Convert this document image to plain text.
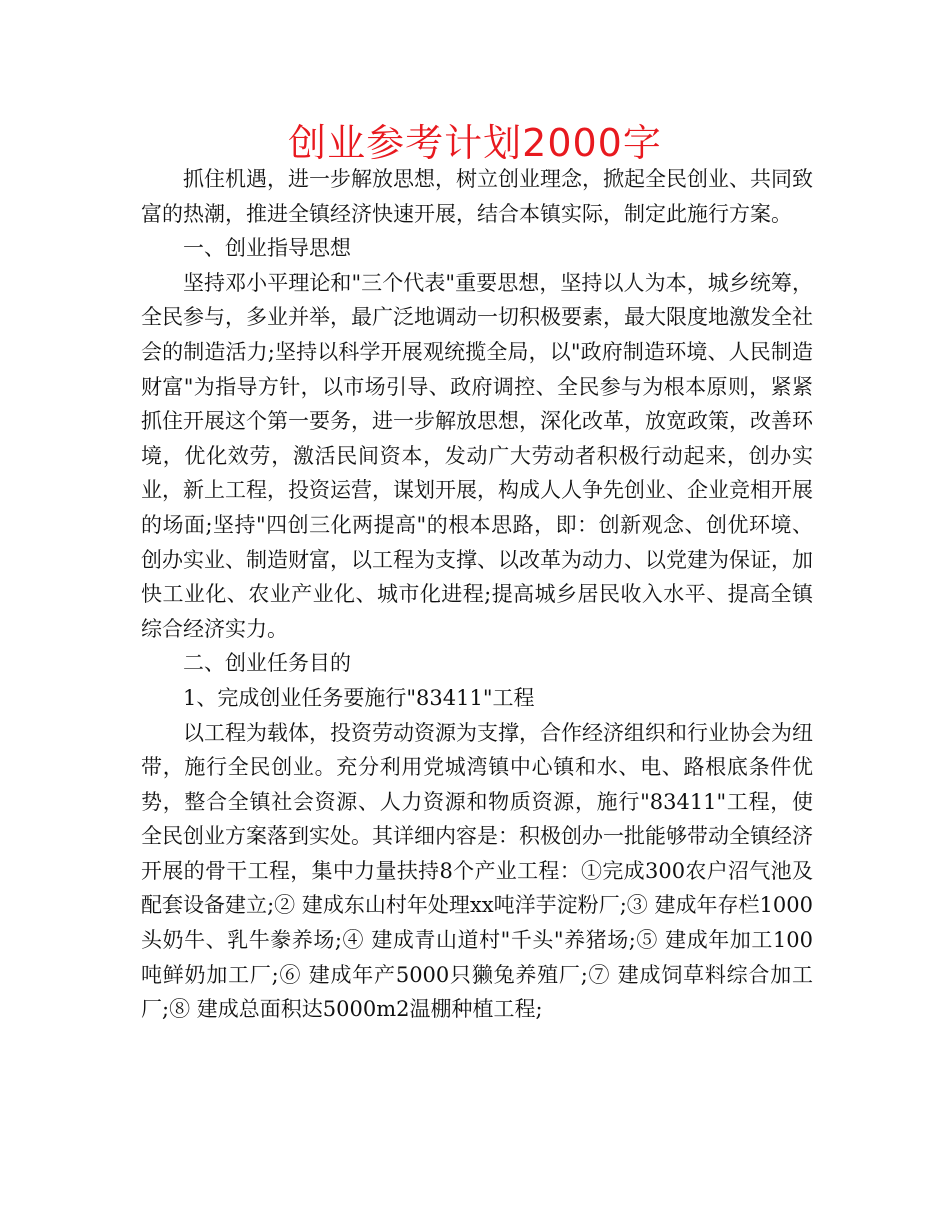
创业参考计划2000字

抓住机遇，进一步解放思想，树立创业理念，掀起全民创业、共同致富的热潮，推进全镇经济快速开展，结合本镇实际，制定此施行方案。

一、创业指导思想

坚持邓小平理论和"三个代表"重要思想，坚持以人为本，城乡统筹，全民参与，多业并举，最广泛地调动一切积极要素，最大限度地激发全社会的制造活力;坚持以科学开展观统揽全局，以"政府制造环境、人民制造财富"为指导方针，以市场引导、政府调控、全民参与为根本原则，紧紧抓住开展这个第一要务，进一步解放思想，深化改革，放宽政策，改善环境，优化效劳，激活民间资本，发动广大劳动者积极行动起来，创办实业，新上工程，投资运营，谋划开展，构成人人争先创业、企业竞相开展的场面;坚持"四创三化两提高"的根本思路，即：创新观念、创优环境、创办实业、制造财富，以工程为支撑、以改革为动力、以党建为保证，加快工业化、农业产业化、城市化进程;提高城乡居民收入水平、提高全镇综合经济实力。

二、创业任务目的

1、完成创业任务要施行"83411"工程

以工程为载体，投资劳动资源为支撑，合作经济组织和行业协会为纽带，施行全民创业。充分利用党城湾镇中心镇和水、电、路根底条件优势，整合全镇社会资源、人力资源和物质资源，施行"83411"工程，使全民创业方案落到实处。其详细内容是：积极创办一批能够带动全镇经济开展的骨干工程，集中力量扶持8个产业工程：①完成300农户沼气池及配套设备建立;② 建成东山村年处理xx吨洋芋淀粉厂;③ 建成年存栏1000头奶牛、乳牛豢养场;④ 建成青山道村"千头"养猪场;⑤ 建成年加工100吨鲜奶加工厂;⑥ 建成年产5000只獭兔养殖厂;⑦ 建成饲草料综合加工厂;⑧ 建成总面积达5000m2温棚种植工程;
